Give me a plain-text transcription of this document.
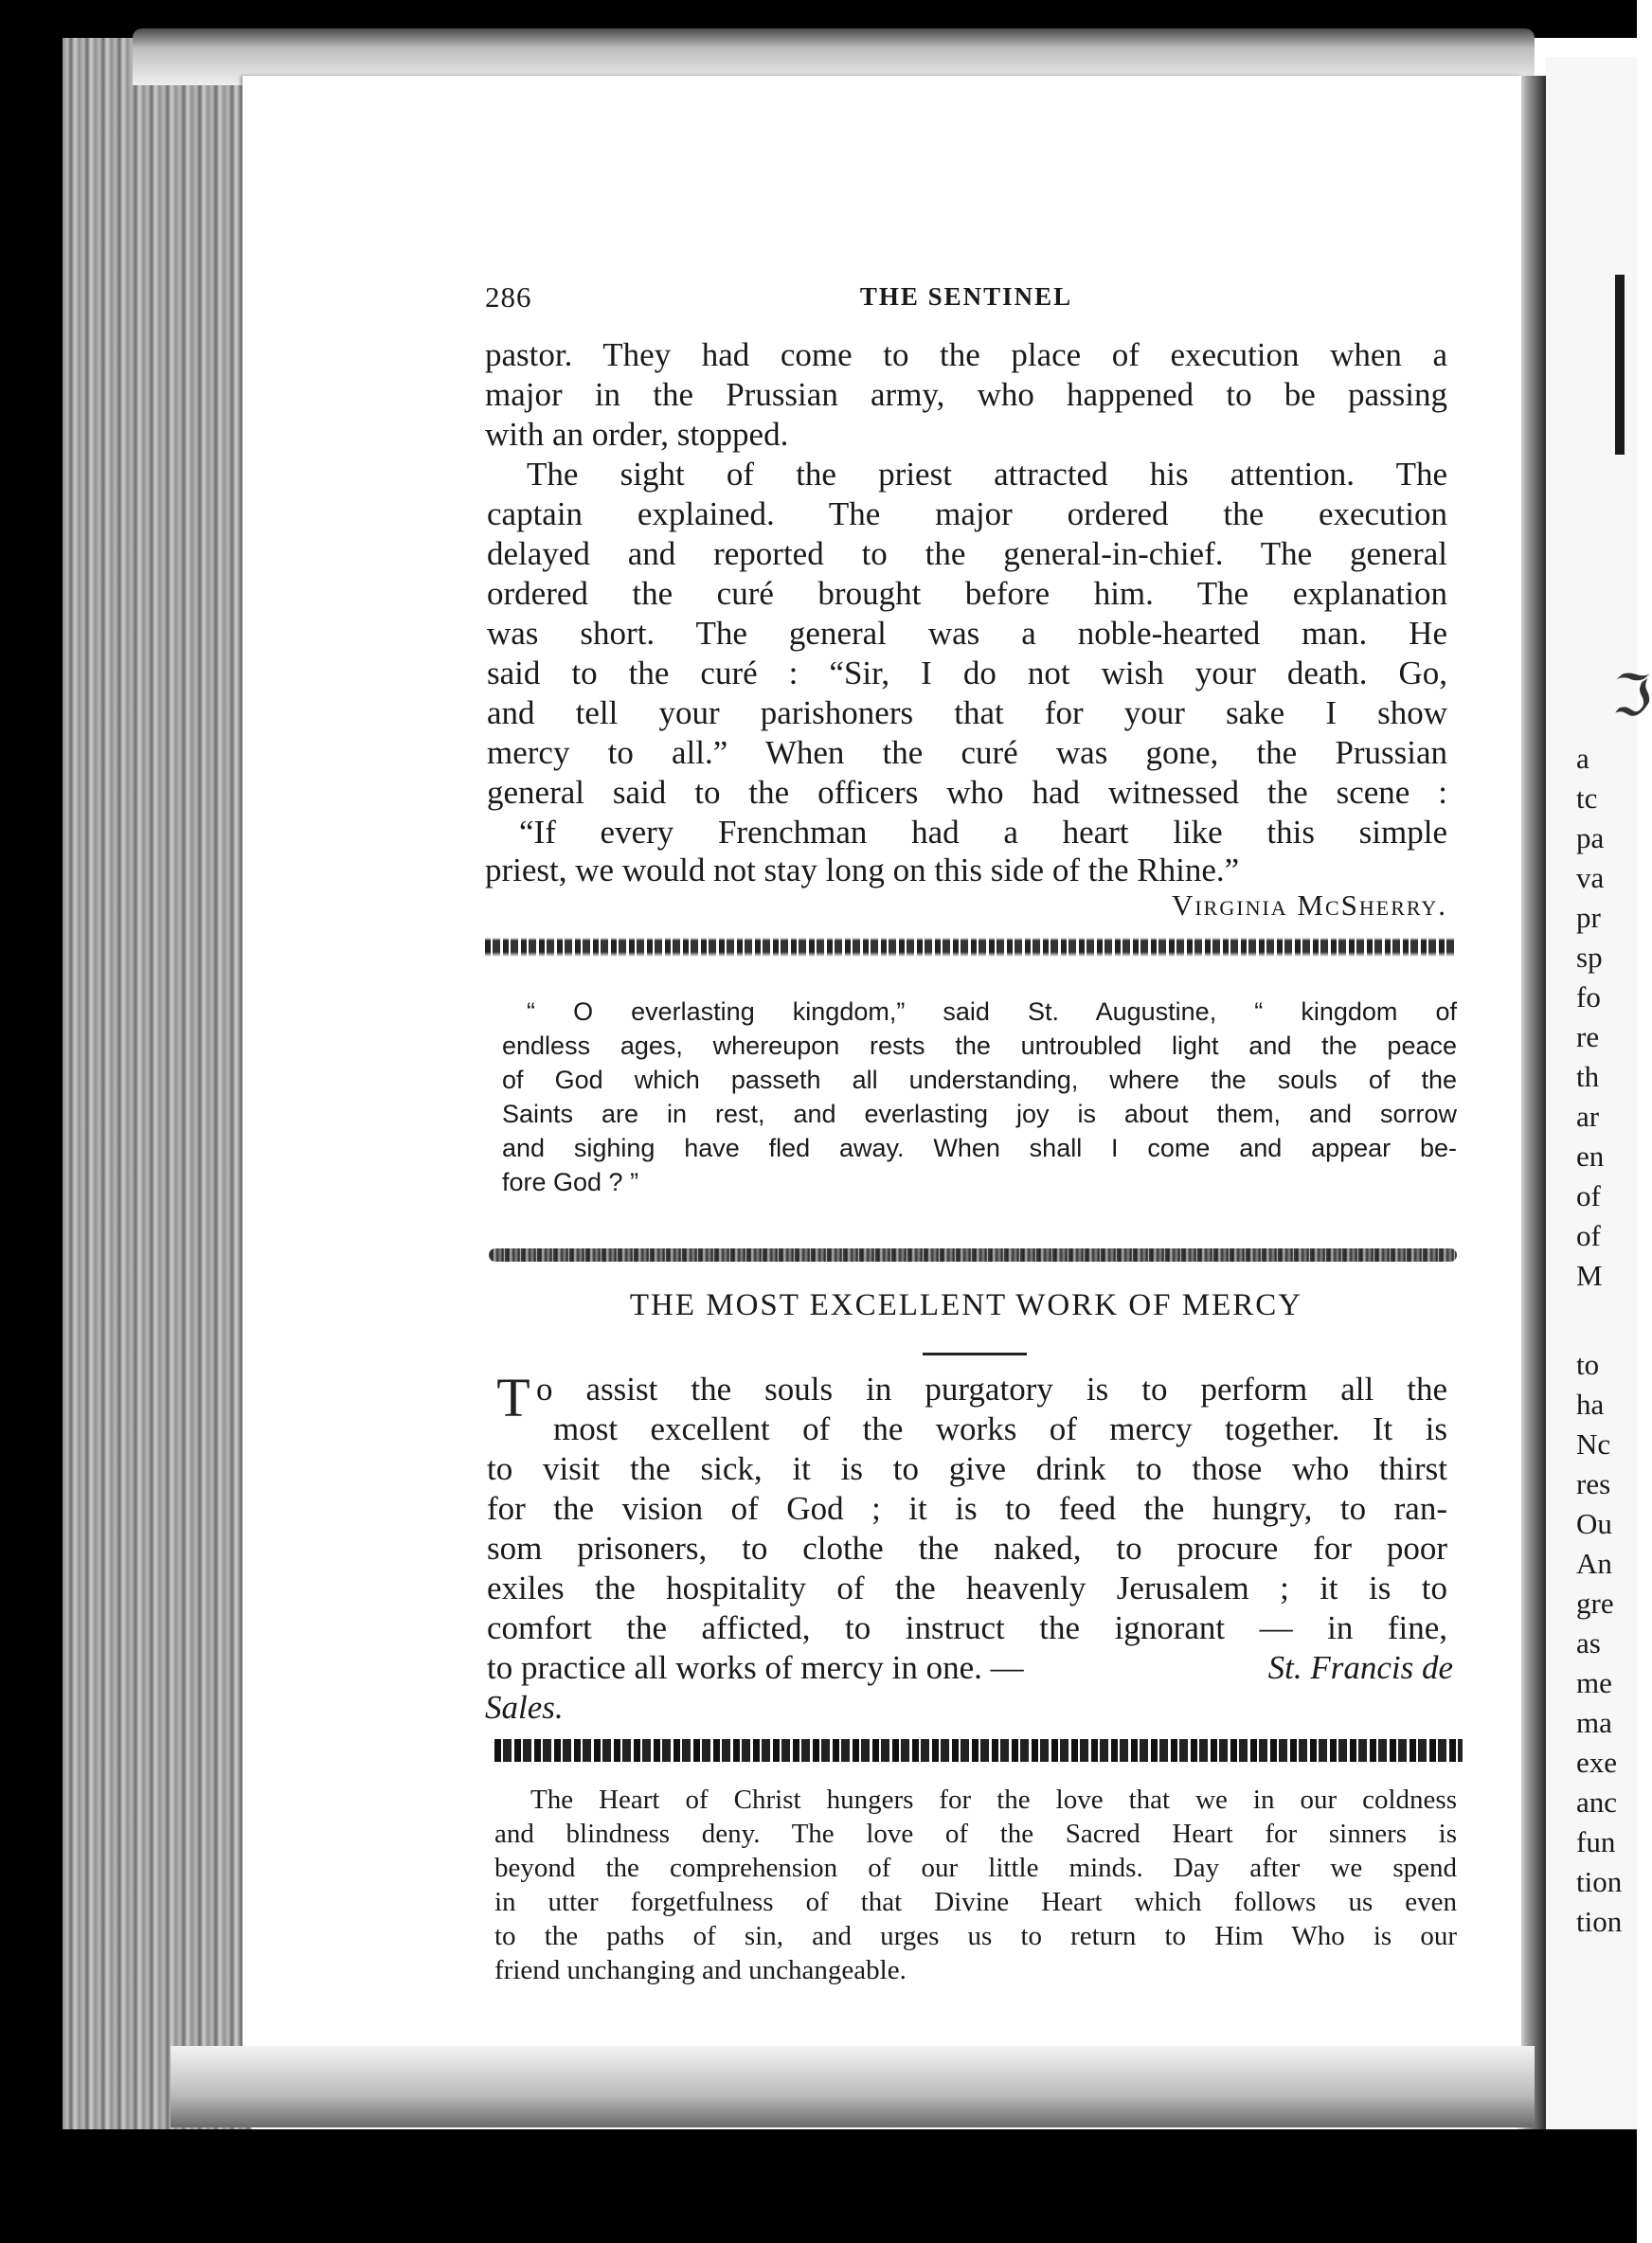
ℑ
a
tc
pa
va
pr
sp
fo
re
th
ar
en
of
of
M
to
ha
Nc
res
Ou
An
gre
as
me
ma
exe
anc
fun
tion
tion
286	THE SENTINEL
pastor. They had come to the place of execution when a
major in the Prussian army, who happened to be passing
with an order, stopped.
The sight of the priest attracted his attention. The
captain explained. The major ordered the execution
delayed and reported to the general-in-chief. The general
ordered the curé brought before him. The explanation
was short. The general was a noble-hearted man. He
said to the curé : “Sir, I do not wish your death. Go,
and tell your parishoners that for your sake I show
mercy to all.” When the curé was gone, the Prussian
general said to the officers who had witnessed the scene :
“If every Frenchman had a heart like this simple
priest, we would not stay long on this side of the Rhine.”
Virginia McSherry.
“ O everlasting kingdom,” said St. Augustine, “ kingdom of
endless ages, whereupon rests the untroubled light and the peace
of God which passeth all understanding, where the souls of the
Saints are in rest, and everlasting joy is about them, and sorrow
and sighing have fled away. When shall I come and appear be-
fore God ? ”
THE MOST EXCELLENT WORK OF MERCY
T o assist the souls in purgatory is to perform all the
most excellent of the works of mercy together. It is
to visit the sick, it is to give drink to those who thirst
for the vision of God ; it is to feed the hungry, to ran-
som prisoners, to clothe the naked, to procure for poor
exiles the hospitality of the heavenly Jerusalem ; it is to
comfort the afficted, to instruct the ignorant — in fine,
to practice all works of mercy in one. —	St. Francis de
Sales.
The Heart of Christ hungers for the love that we in our coldness
and blindness deny. The love of the Sacred Heart for sinners is
beyond the comprehension of our little minds. Day after we spend
in utter forgetfulness of that Divine Heart which follows us even
to the paths of sin, and urges us to return to Him Who is our
friend unchanging and unchangeable.
